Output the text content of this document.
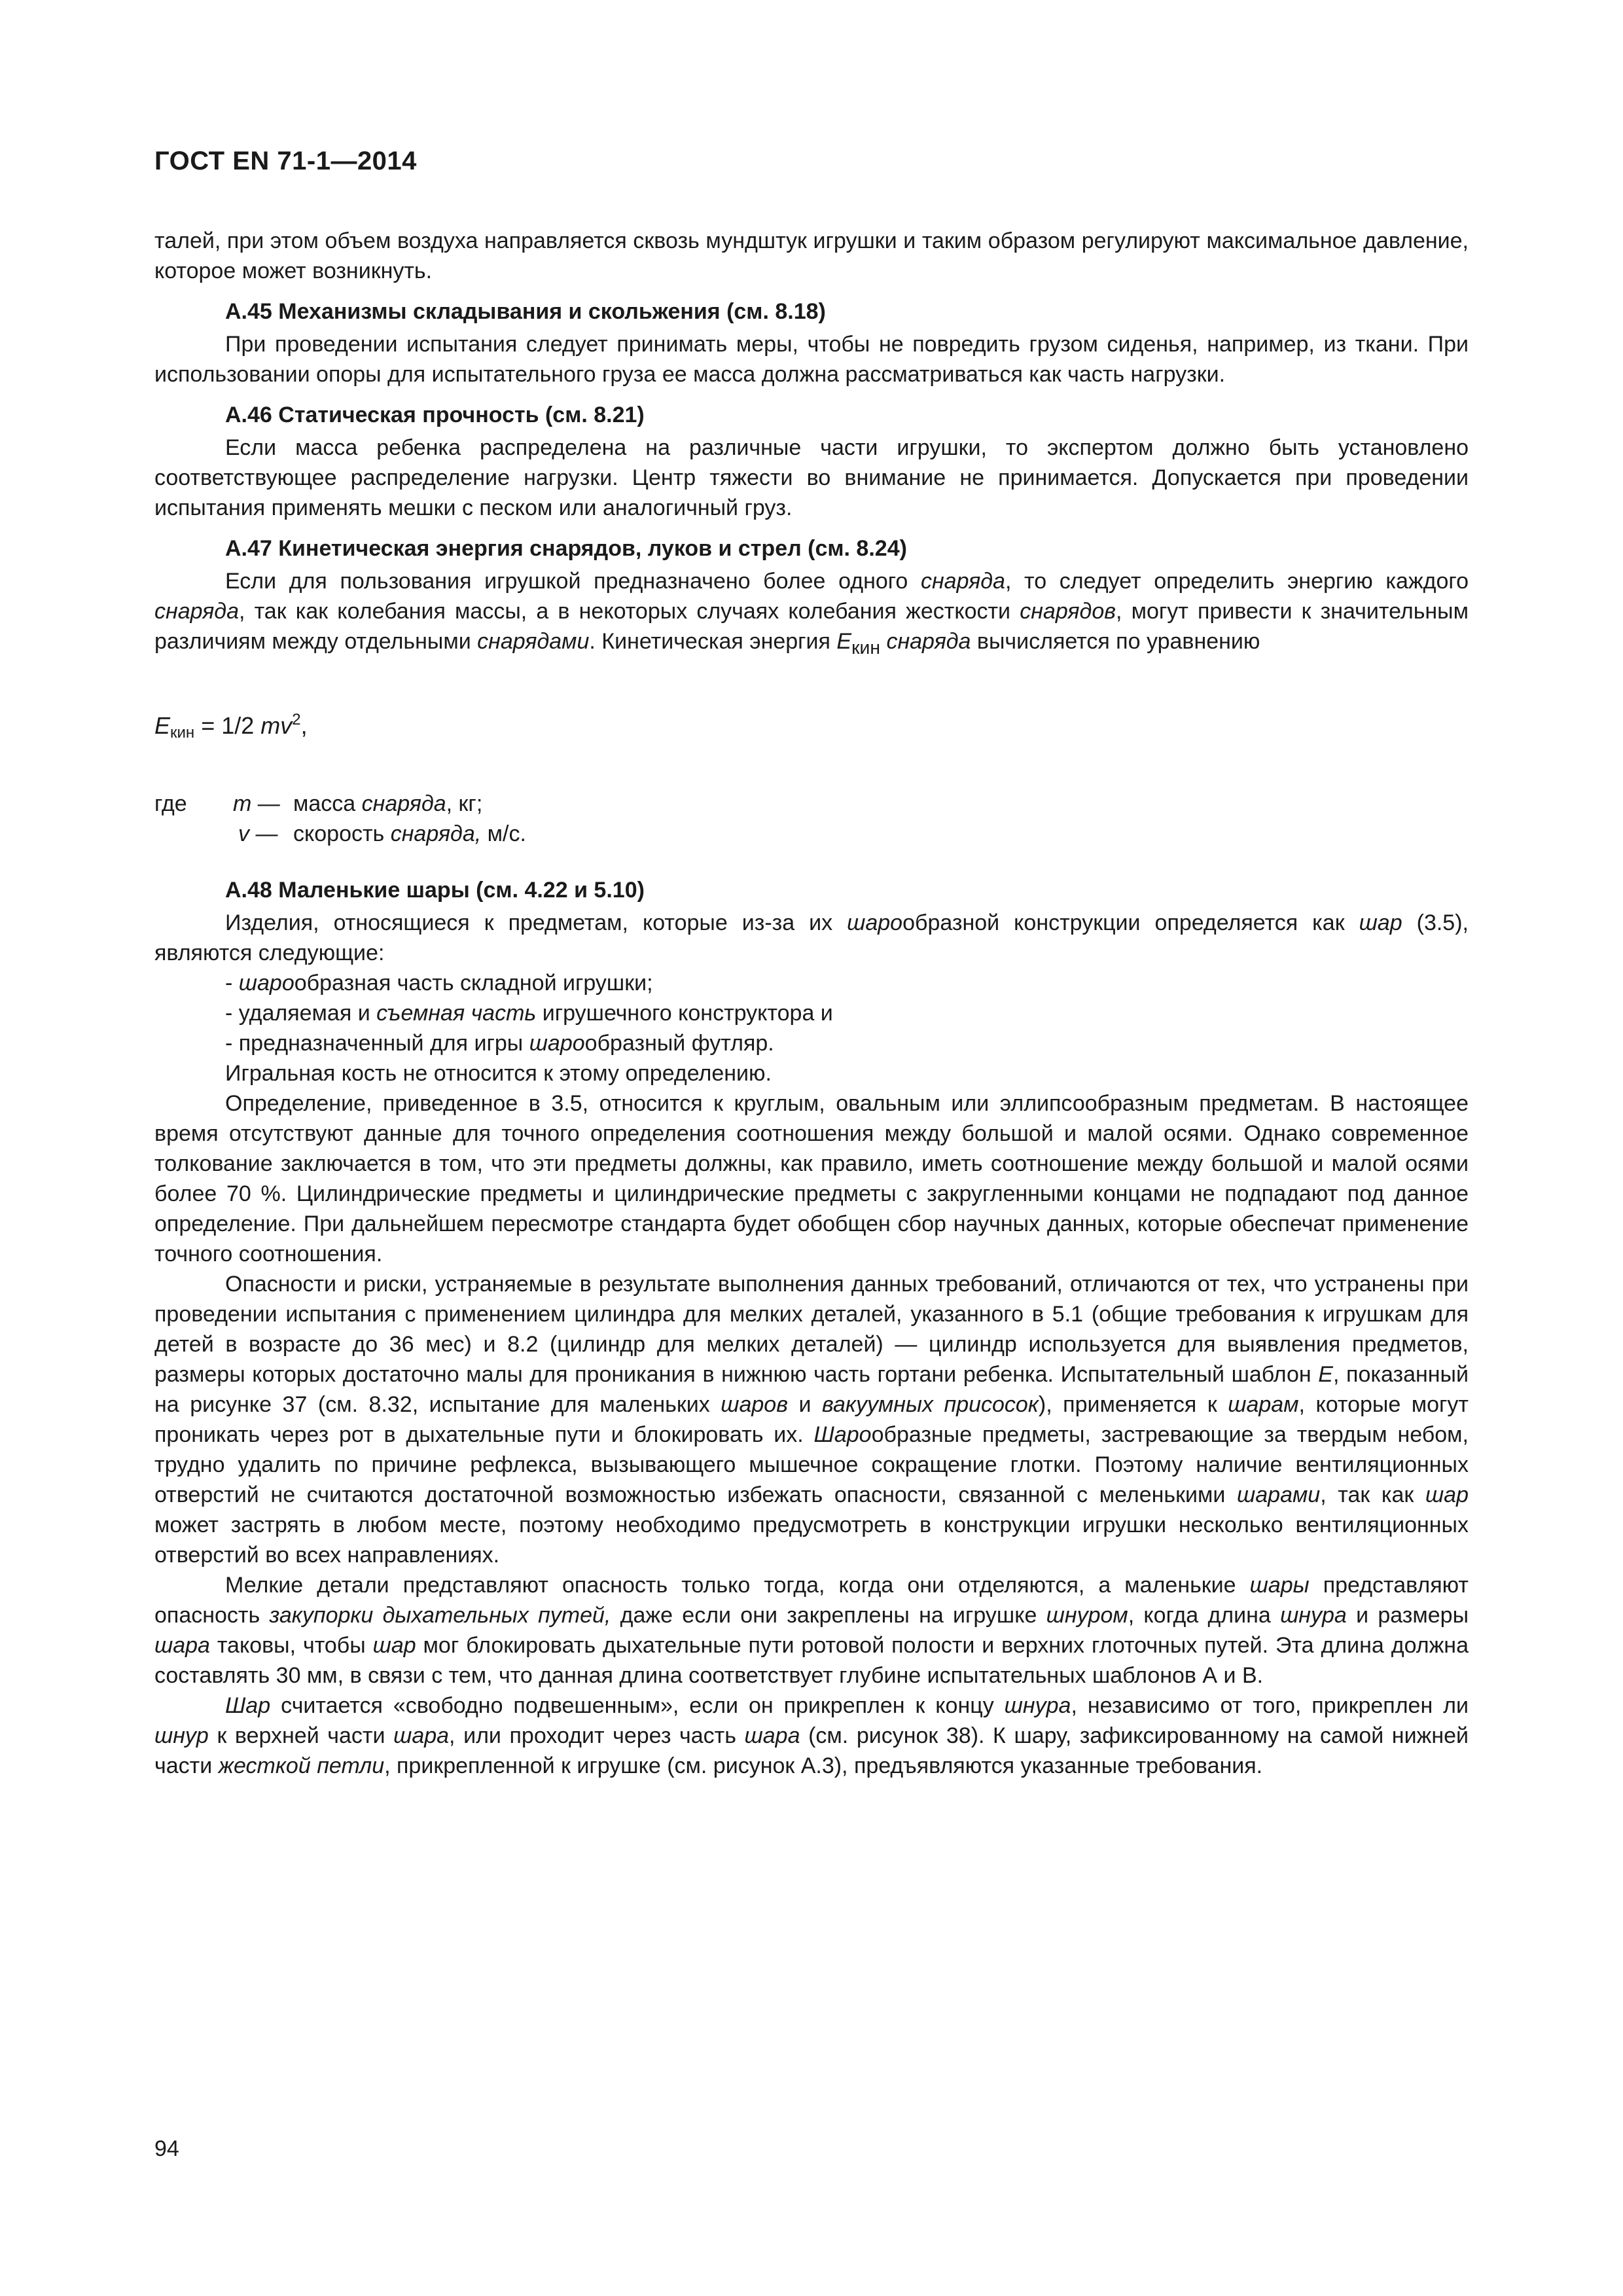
ГОСТ EN 71-1—2014

талей, при этом объем воздуха направляется сквозь мундштук игрушки и таким образом регулируют максимальное давление, которое может возникнуть.

А.45 Механизмы складывания и скольжения (см. 8.18)

При проведении испытания следует принимать меры, чтобы не повредить грузом сиденья, например, из ткани. При использовании опоры для испытательного груза ее масса должна рассматриваться как часть нагрузки.

А.46 Статическая прочность (см. 8.21)

Если масса ребенка распределена на различные части игрушки, то экспертом должно быть установлено соответствующее распределение нагрузки. Центр тяжести во внимание не принимается. Допускается при проведении испытания применять мешки с песком или аналогичный груз.

А.47 Кинетическая энергия снарядов, луков и стрел (см. 8.24)

Если для пользования игрушкой предназначено более одного снаряда, то следует определить энергию каждого снаряда, так как колебания массы, а в некоторых случаях колебания жесткости снарядов, могут привести к значительным различиям между отдельными снарядами. Кинетическая энергия $E_{кин}$ снаряда вычисляется по уравнению

$E_{кин} = 1/2$ $mv^2$,

где m — масса снаряда, кг;
v — скорость снаряда, м/с.

А.48 Маленькие шары (см. 4.22 и 5.10)

Изделия, относящиеся к предметам, которые из-за их шарообразной конструкции определяется как шар (3.5), являются следующие:

- шарообразная часть складной игрушки;

- удаляемая и съемная часть игрушечного конструктора и

- предназначенный для игры шарообразный футляр.

Игральная кость не относится к этому определению.

Определение, приведенное в 3.5, относится к круглым, овальным или эллипсообразным предметам. В настоящее время отсутствуют данные для точного определения соотношения между большой и малой осями. Однако современное толкование заключается в том, что эти предметы должны, как правило, иметь соотношение между большой и малой осями более 70 %. Цилиндрические предметы и цилиндрические предметы с закругленными концами не подпадают под данное определение. При дальнейшем пересмотре стандарта будет обобщен сбор научных данных, которые обеспечат применение точного соотношения.

Опасности и риски, устраняемые в результате выполнения данных требований, отличаются от тех, что устранены при проведении испытания с применением цилиндра для мелких деталей, указанного в 5.1 (общие требования к игрушкам для детей в возрасте до 36 мес) и 8.2 (цилиндр для мелких деталей) — цилиндр используется для выявления предметов, размеры которых достаточно малы для проникания в нижнюю часть гортани ребенка. Испытательный шаблон E, показанный на рисунке 37 (см. 8.32, испытание для маленьких шаров и вакуумных присосок), применяется к шарам, которые могут проникать через рот в дыхательные пути и блокировать их. Шарообразные предметы, застревающие за твердым небом, трудно удалить по причине рефлекса, вызывающего мышечное сокращение глотки. Поэтому наличие вентиляционных отверстий не считаются достаточной возможностью избежать опасности, связанной с меленькими шарами, так как шар может застрять в любом месте, поэтому необходимо предусмотреть в конструкции игрушки несколько вентиляционных отверстий во всех направлениях.

Мелкие детали представляют опасность только тогда, когда они отделяются, а маленькие шары представляют опасность закупорки дыхательных путей, даже если они закреплены на игрушке шнуром, когда длина шнура и размеры шара таковы, чтобы шар мог блокировать дыхательные пути ротовой полости и верхних глоточных путей. Эта длина должна составлять 30 мм, в связи с тем, что данная длина соответствует глубине испытательных шаблонов А и В.

Шар считается «свободно подвешенным», если он прикреплен к концу шнура, независимо от того, прикреплен ли шнур к верхней части шара, или проходит через часть шара (см. рисунок 38). К шару, зафиксированному на самой нижней части жесткой петли, прикрепленной к игрушке (см. рисунок А.3), предъявляются указанные требования.

94
